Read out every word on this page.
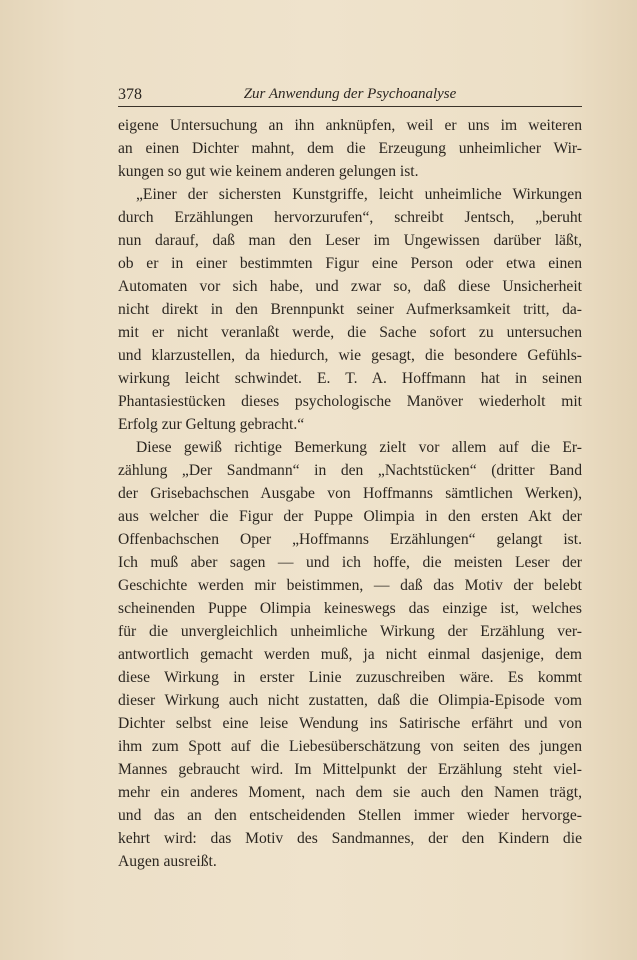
378	Zur Anwendung der Psychoanalyse
eigene Untersuchung an ihn anknüpfen, weil er uns im weiteren
an einen Dichter mahnt, dem die Erzeugung unheimlicher Wir-
kungen so gut wie keinem anderen gelungen ist.
„Einer der sichersten Kunstgriffe, leicht unheimliche Wirkungen
durch Erzählungen hervorzurufen“, schreibt Jentsch, „beruht
nun darauf, daß man den Leser im Ungewissen darüber läßt,
ob er in einer bestimmten Figur eine Person oder etwa einen
Automaten vor sich habe, und zwar so, daß diese Unsicherheit
nicht direkt in den Brennpunkt seiner Aufmerksamkeit tritt, da-
mit er nicht veranlaßt werde, die Sache sofort zu untersuchen
und klarzustellen, da hiedurch, wie gesagt, die besondere Gefühls-
wirkung leicht schwindet. E. T. A. Hoffmann hat in seinen
Phantasiestücken dieses psychologische Manöver wiederholt mit
Erfolg zur Geltung gebracht.“
Diese gewiß richtige Bemerkung zielt vor allem auf die Er-
zählung „Der Sandmann“ in den „Nachtstücken“ (dritter Band
der Grisebachschen Ausgabe von Hoffmanns sämtlichen Werken),
aus welcher die Figur der Puppe Olimpia in den ersten Akt der
Offenbachschen Oper „Hoffmanns Erzählungen“ gelangt ist.
Ich muß aber sagen — und ich hoffe, die meisten Leser der
Geschichte werden mir beistimmen, — daß das Motiv der belebt
scheinenden Puppe Olimpia keineswegs das einzige ist, welches
für die unvergleichlich unheimliche Wirkung der Erzählung ver-
antwortlich gemacht werden muß, ja nicht einmal dasjenige, dem
diese Wirkung in erster Linie zuzuschreiben wäre. Es kommt
dieser Wirkung auch nicht zustatten, daß die Olimpia-Episode vom
Dichter selbst eine leise Wendung ins Satirische erfährt und von
ihm zum Spott auf die Liebesüberschätzung von seiten des jungen
Mannes gebraucht wird. Im Mittelpunkt der Erzählung steht viel-
mehr ein anderes Moment, nach dem sie auch den Namen trägt,
und das an den entscheidenden Stellen immer wieder hervorge-
kehrt wird: das Motiv des Sandmannes, der den Kindern die
Augen ausreißt.
